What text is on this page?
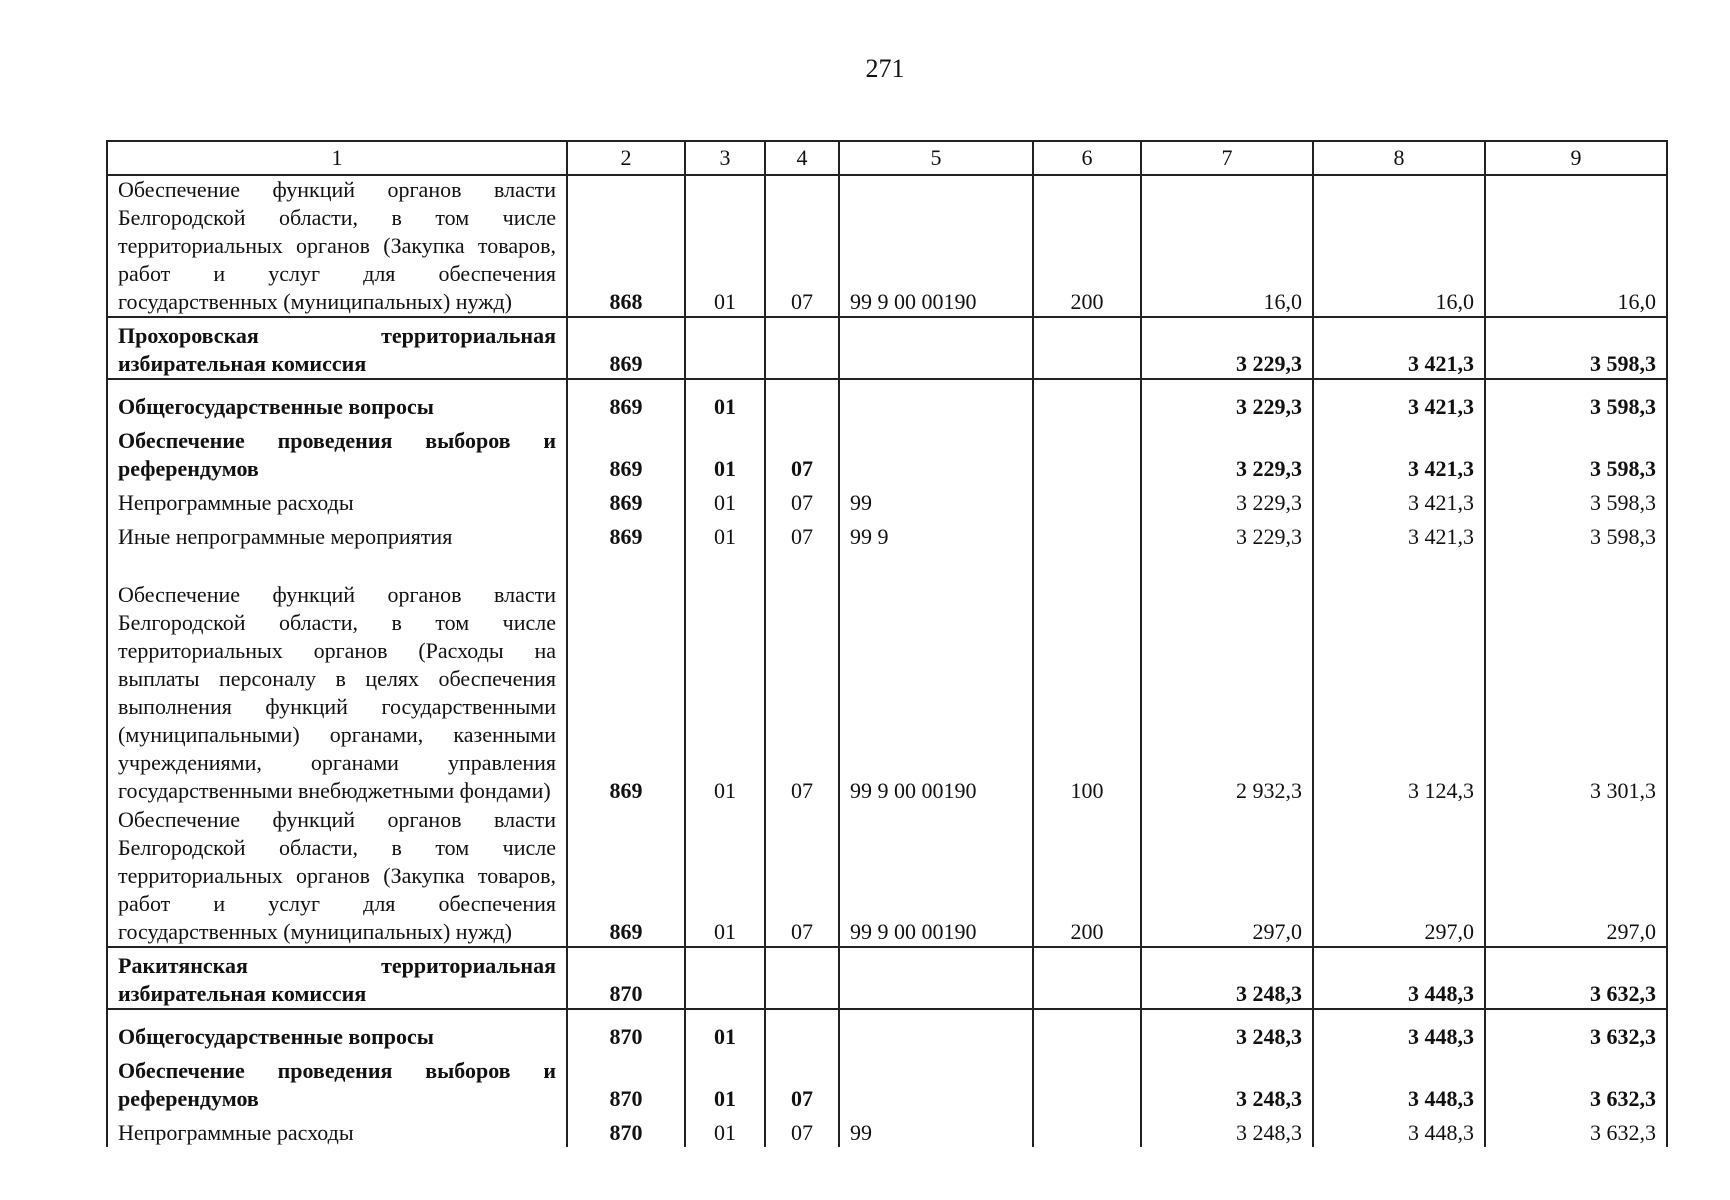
271
1	2	3	4	5	6	7	8	9
Обеспечение функций органов власти Белгородской области, в том числе территориальных органов (Закупка товаров, работ и услуг для обеспечения государственных (муниципальных) нужд)	868	01	07	99 9 00 00190	200	16,0	16,0	16,0
Прохоровская территориальная избирательная комиссия	869					3 229,3	3 421,3	3 598,3
Общегосударственные вопросы	869	01				3 229,3	3 421,3	3 598,3
Обеспечение проведения выборов и референдумов	869	01	07			3 229,3	3 421,3	3 598,3
Непрограммные расходы	869	01	07	99		3 229,3	3 421,3	3 598,3
Иные непрограммные мероприятия	869	01	07	99 9		3 229,3	3 421,3	3 598,3
Обеспечение функций органов власти Белгородской области, в том числе территориальных органов (Расходы на выплаты персоналу в целях обеспечения выполнения функций государственными (муниципальными) органами, казенными учреждениями, органами управления государственными внебюджетными фондами)	869	01	07	99 9 00 00190	100	2 932,3	3 124,3	3 301,3
Обеспечение функций органов власти Белгородской области, в том числе территориальных органов (Закупка товаров, работ и услуг для обеспечения государственных (муниципальных) нужд)	869	01	07	99 9 00 00190	200	297,0	297,0	297,0
Ракитянская территориальная избирательная комиссия	870					3 248,3	3 448,3	3 632,3
Общегосударственные вопросы	870	01				3 248,3	3 448,3	3 632,3
Обеспечение проведения выборов и референдумов	870	01	07			3 248,3	3 448,3	3 632,3
Непрограммные расходы	870	01	07	99		3 248,3	3 448,3	3 632,3
